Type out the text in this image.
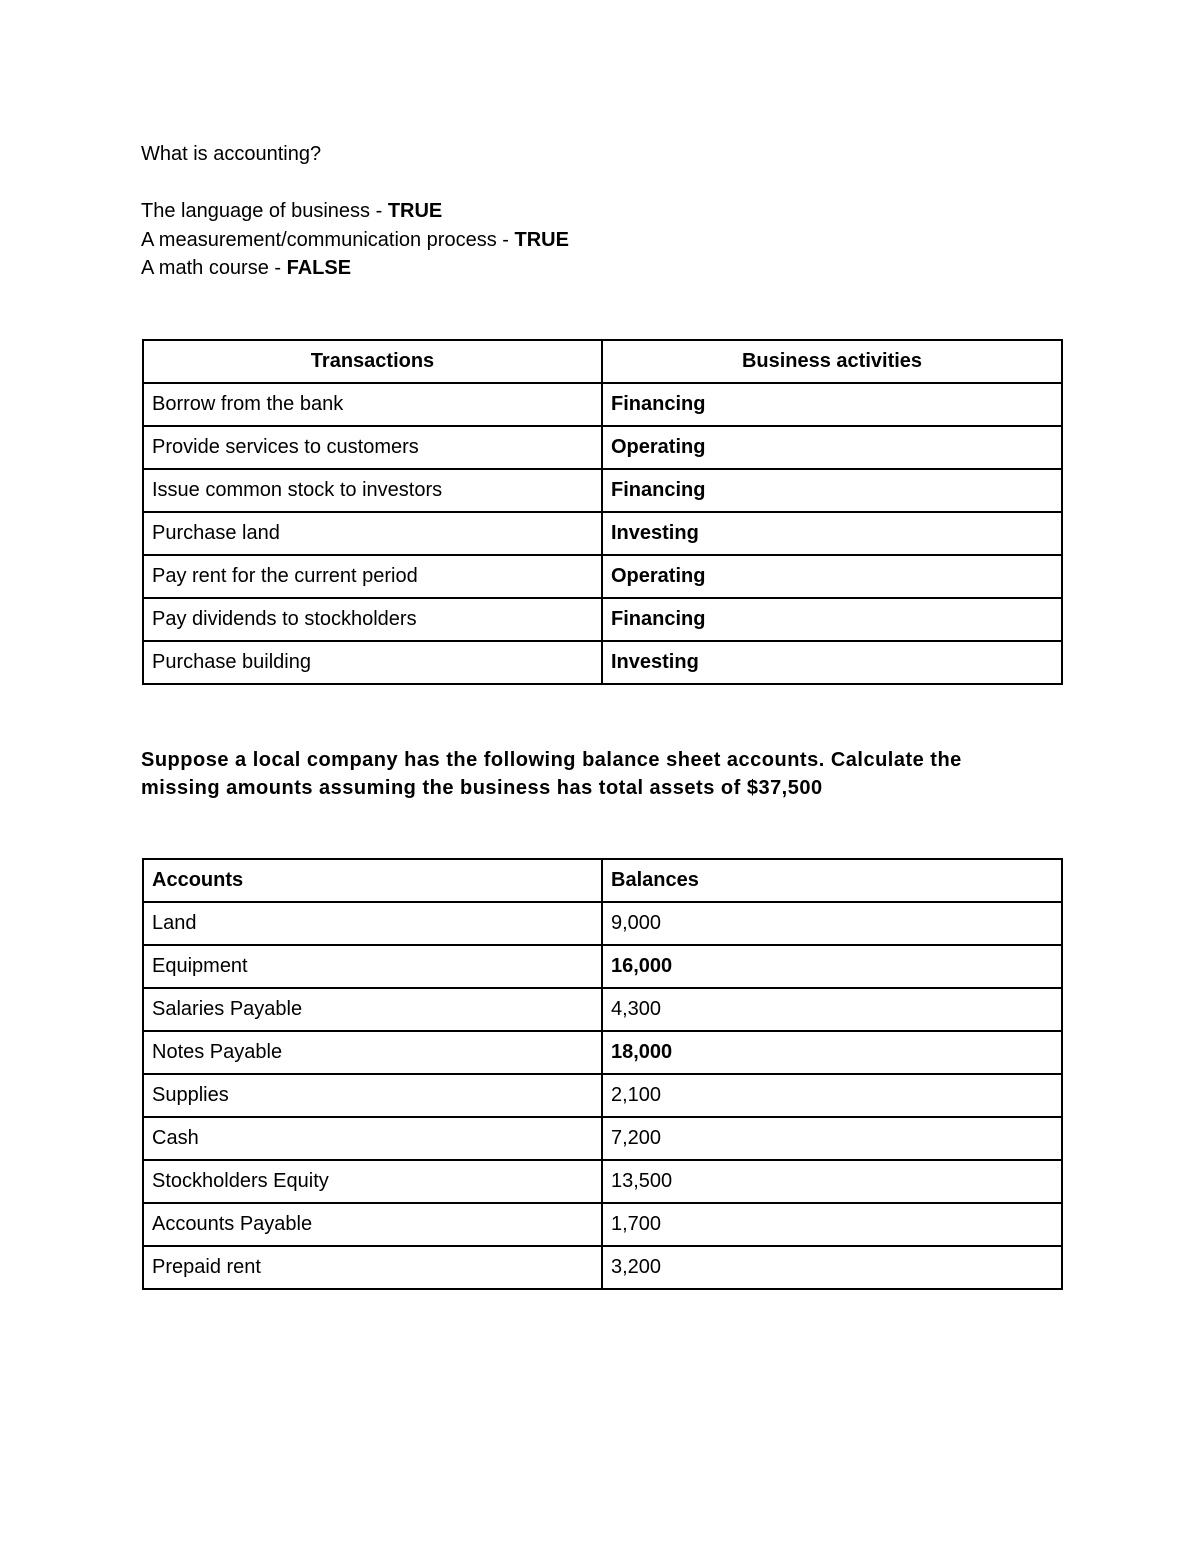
What is accounting?
The language of business - TRUE
A measurement/communication process - TRUE
A math course - FALSE
Transactions	Business activities
Borrow from the bank	Financing
Provide services to customers	Operating
Issue common stock to investors	Financing
Purchase land	Investing
Pay rent for the current period	Operating
Pay dividends to stockholders	Financing
Purchase building	Investing
Suppose a local company has the following balance sheet accounts. Calculate the missing amounts assuming the business has total assets of $37,500
Accounts	Balances
Land	9,000
Equipment	16,000
Salaries Payable	4,300
Notes Payable	18,000
Supplies	2,100
Cash	7,200
Stockholders Equity	13,500
Accounts Payable	1,700
Prepaid rent	3,200
